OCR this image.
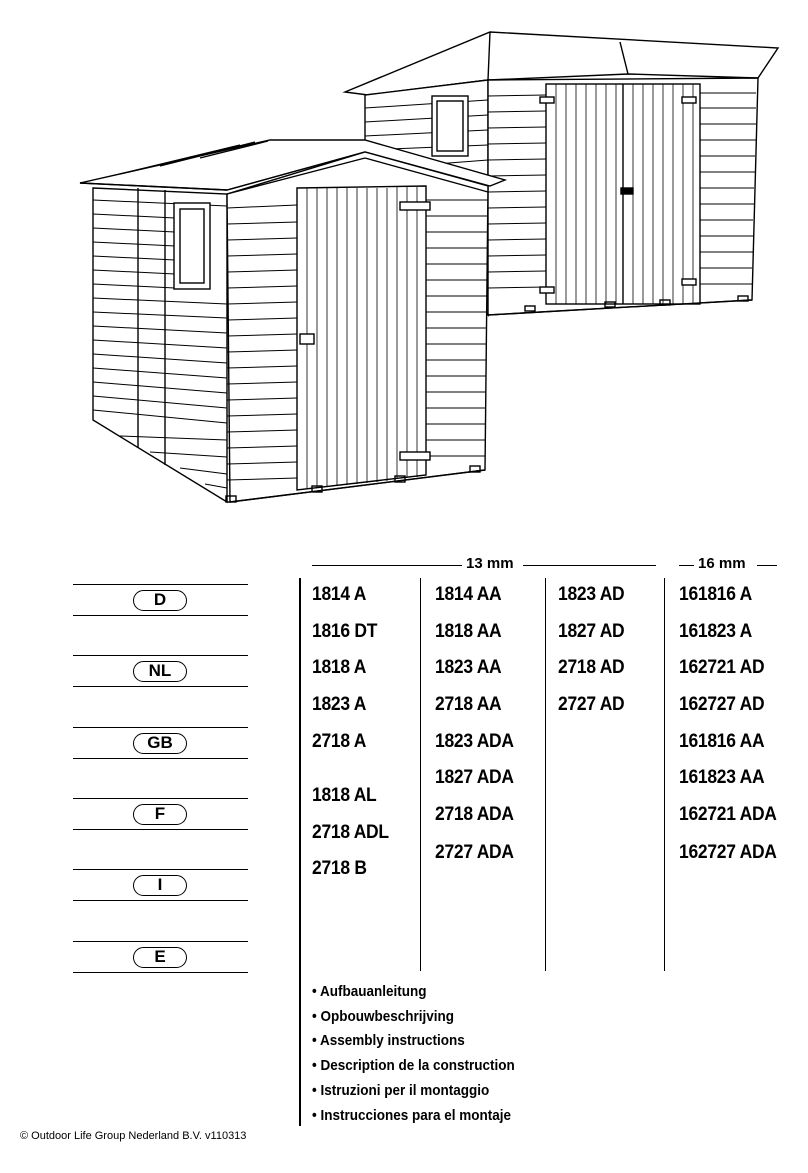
D
NL
GB
F
I
E
13 mm	16 mm
1814 A
1816 DT
1818 A
1823 A
2718 A
1818 AL
2718 ADL
2718 B
1814 AA
1818 AA
1823 AA
2718 AA
1823 ADA
1827 ADA
2718 ADA
2727 ADA
1823 AD
1827 AD
2718 AD
2727 AD
161816 A
161823 A
162721 AD
162727 AD
161816 AA
161823 AA
162721 ADA
162727 ADA
• Aufbauanleitung
• Opbouwbeschrijving
• Assembly instructions
• Description de la construction
• Istruzioni per il montaggio
• Instrucciones para el montaje
© Outdoor Life Group Nederland B.V. v110313
